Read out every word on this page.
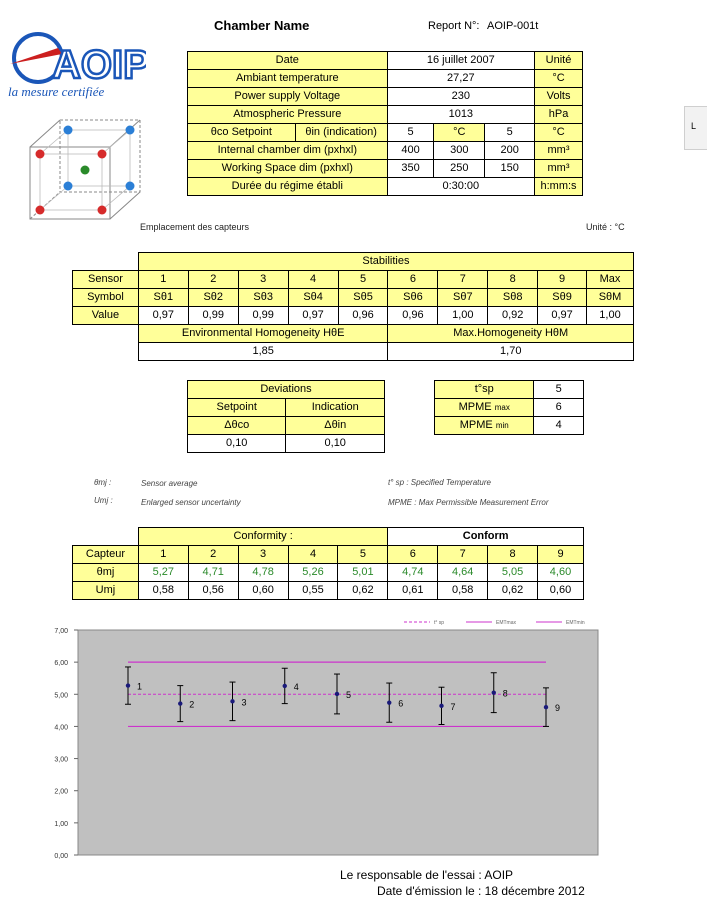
AOIP
la mesure certifiée
Chamber Name	Report N°: AOIP-001t
L
Date		16 juillet 2007			Unité
Ambiant temperature		27,27			°C
Power supply Voltage		230			Volts
Atmospheric Pressure		1013			hPa
θco Setpoint	θin (indication)	5	°C	5	°C
Internal chamber dim (pxhxl)		400	300	200	mm³
Working Space dim (pxhxl)		350	250	150	mm³
Durée du régime établi		0:30:00			h:mm:s
Emplacement des capteurs	Unité : °C
	Stabilities									
Sensor	1	2	3	4	5	6	7	8	9	Max
Symbol	Sθ1	Sθ2	Sθ3	Sθ4	Sθ5	Sθ6	Sθ7	Sθ8	Sθ9	SθM
Value	0,97	0,99	0,99	0,97	0,96	0,96	1,00	0,92	0,97	1,00
	Environmental Homogeneity HθE					Max.Homogeneity HθM				
	1,85					1,70				
Deviations	
Setpoint	Indication
Δθco	Δθin
0,10	0,10
t°sp	5
MPME max	6
MPME min	4
θmj :	Sensor average
Umj :	Enlarged sensor uncertainty
t° sp : Specified Temperature
MPME : Max Permissible Measurement Error
	Conformity :					Conform			
Capteur	1	2	3	4	5	6	7	8	9
θmj	5,27	4,71	4,78	5,26	5,01	4,74	4,64	5,05	4,60
Umj	0,58	0,56	0,60	0,55	0,62	0,61	0,58	0,62	0,60
0,00
1,00
2,00
3,00
4,00
5,00
6,00
7,00
1
2	3
4
5
6	7
8
9
t° sp	EMTmax	EMTmin
Le responsable de l'essai : AOIP
Date d'émission le : 18 décembre 2012
